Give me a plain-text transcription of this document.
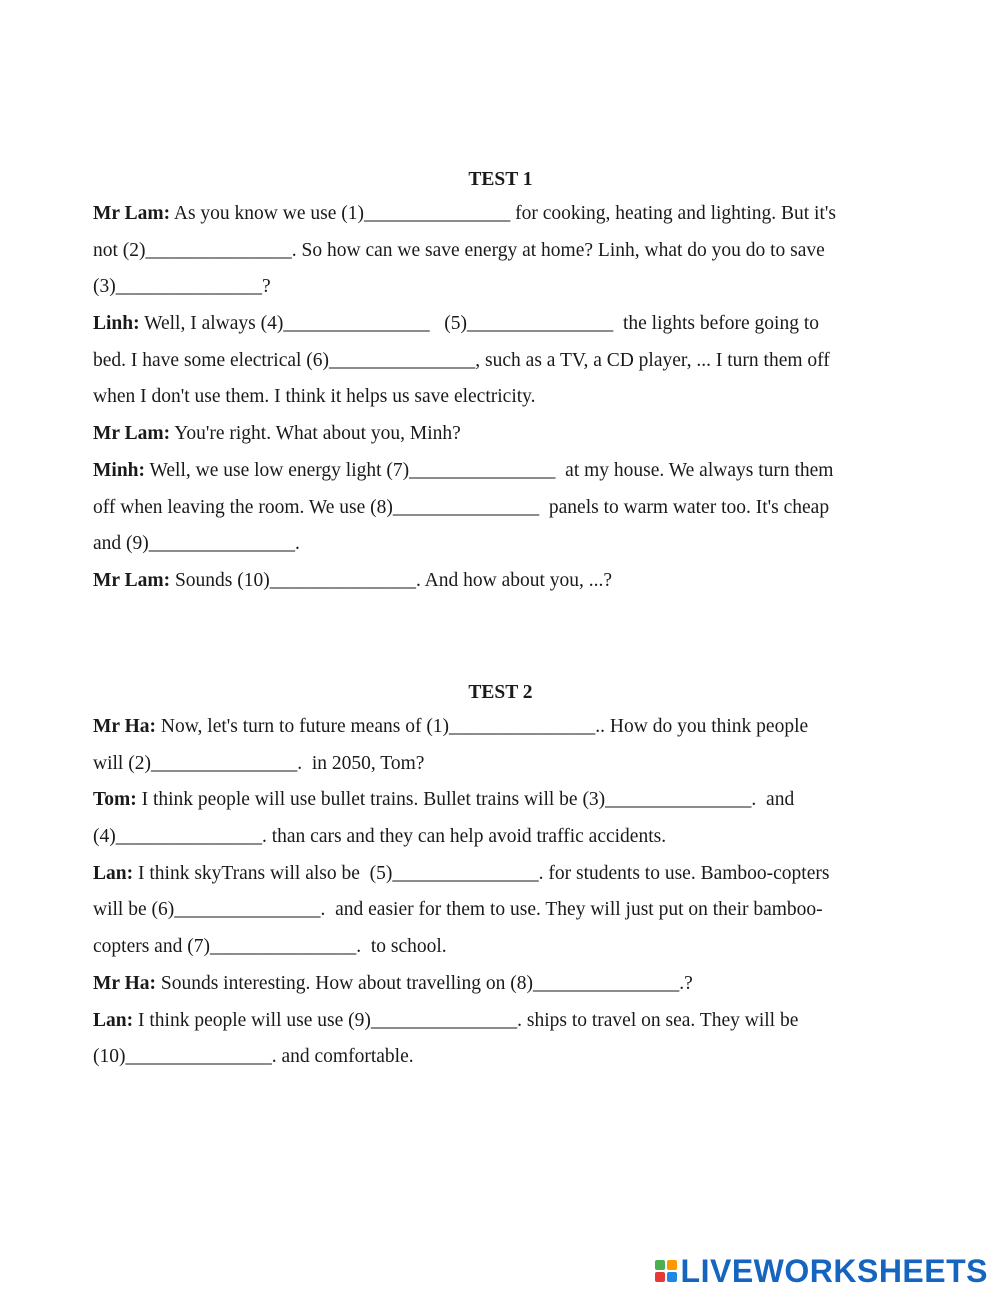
TEST 1
Mr Lam: As you know we use (1)_______________ for cooking, heating and lighting. But it's
not (2)_______________. So how can we save energy at home? Linh, what do you do to save
(3)_______________?
Linh: Well, I always (4)_______________   (5)_______________  the lights before going to
bed. I have some electrical (6)_______________, such as a TV, a CD player, ... I turn them off
when I don't use them. I think it helps us save electricity.
Mr Lam: You're right. What about you, Minh?
Minh: Well, we use low energy light (7)_______________  at my house. We always turn them
off when leaving the room. We use (8)_______________  panels to warm water too. It's cheap
and (9)_______________.
Mr Lam: Sounds (10)_______________. And how about you, ...?
TEST 2
Mr Ha: Now, let's turn to future means of (1)_______________.. How do you think people
will (2)_______________.  in 2050, Tom?
Tom: I think people will use bullet trains. Bullet trains will be (3)_______________.  and
(4)_______________. than cars and they can help avoid traffic accidents.
Lan: I think skyTrans will also be  (5)_______________. for students to use. Bamboo-copters
will be (6)_______________.  and easier for them to use. They will just put on their bamboo-
copters and (7)_______________.  to school.
Mr Ha: Sounds interesting. How about travelling on (8)_______________.?
Lan: I think people will use use (9)_______________. ships to travel on sea. They will be
(10)_______________. and comfortable.
LIVEWORKSHEETS
